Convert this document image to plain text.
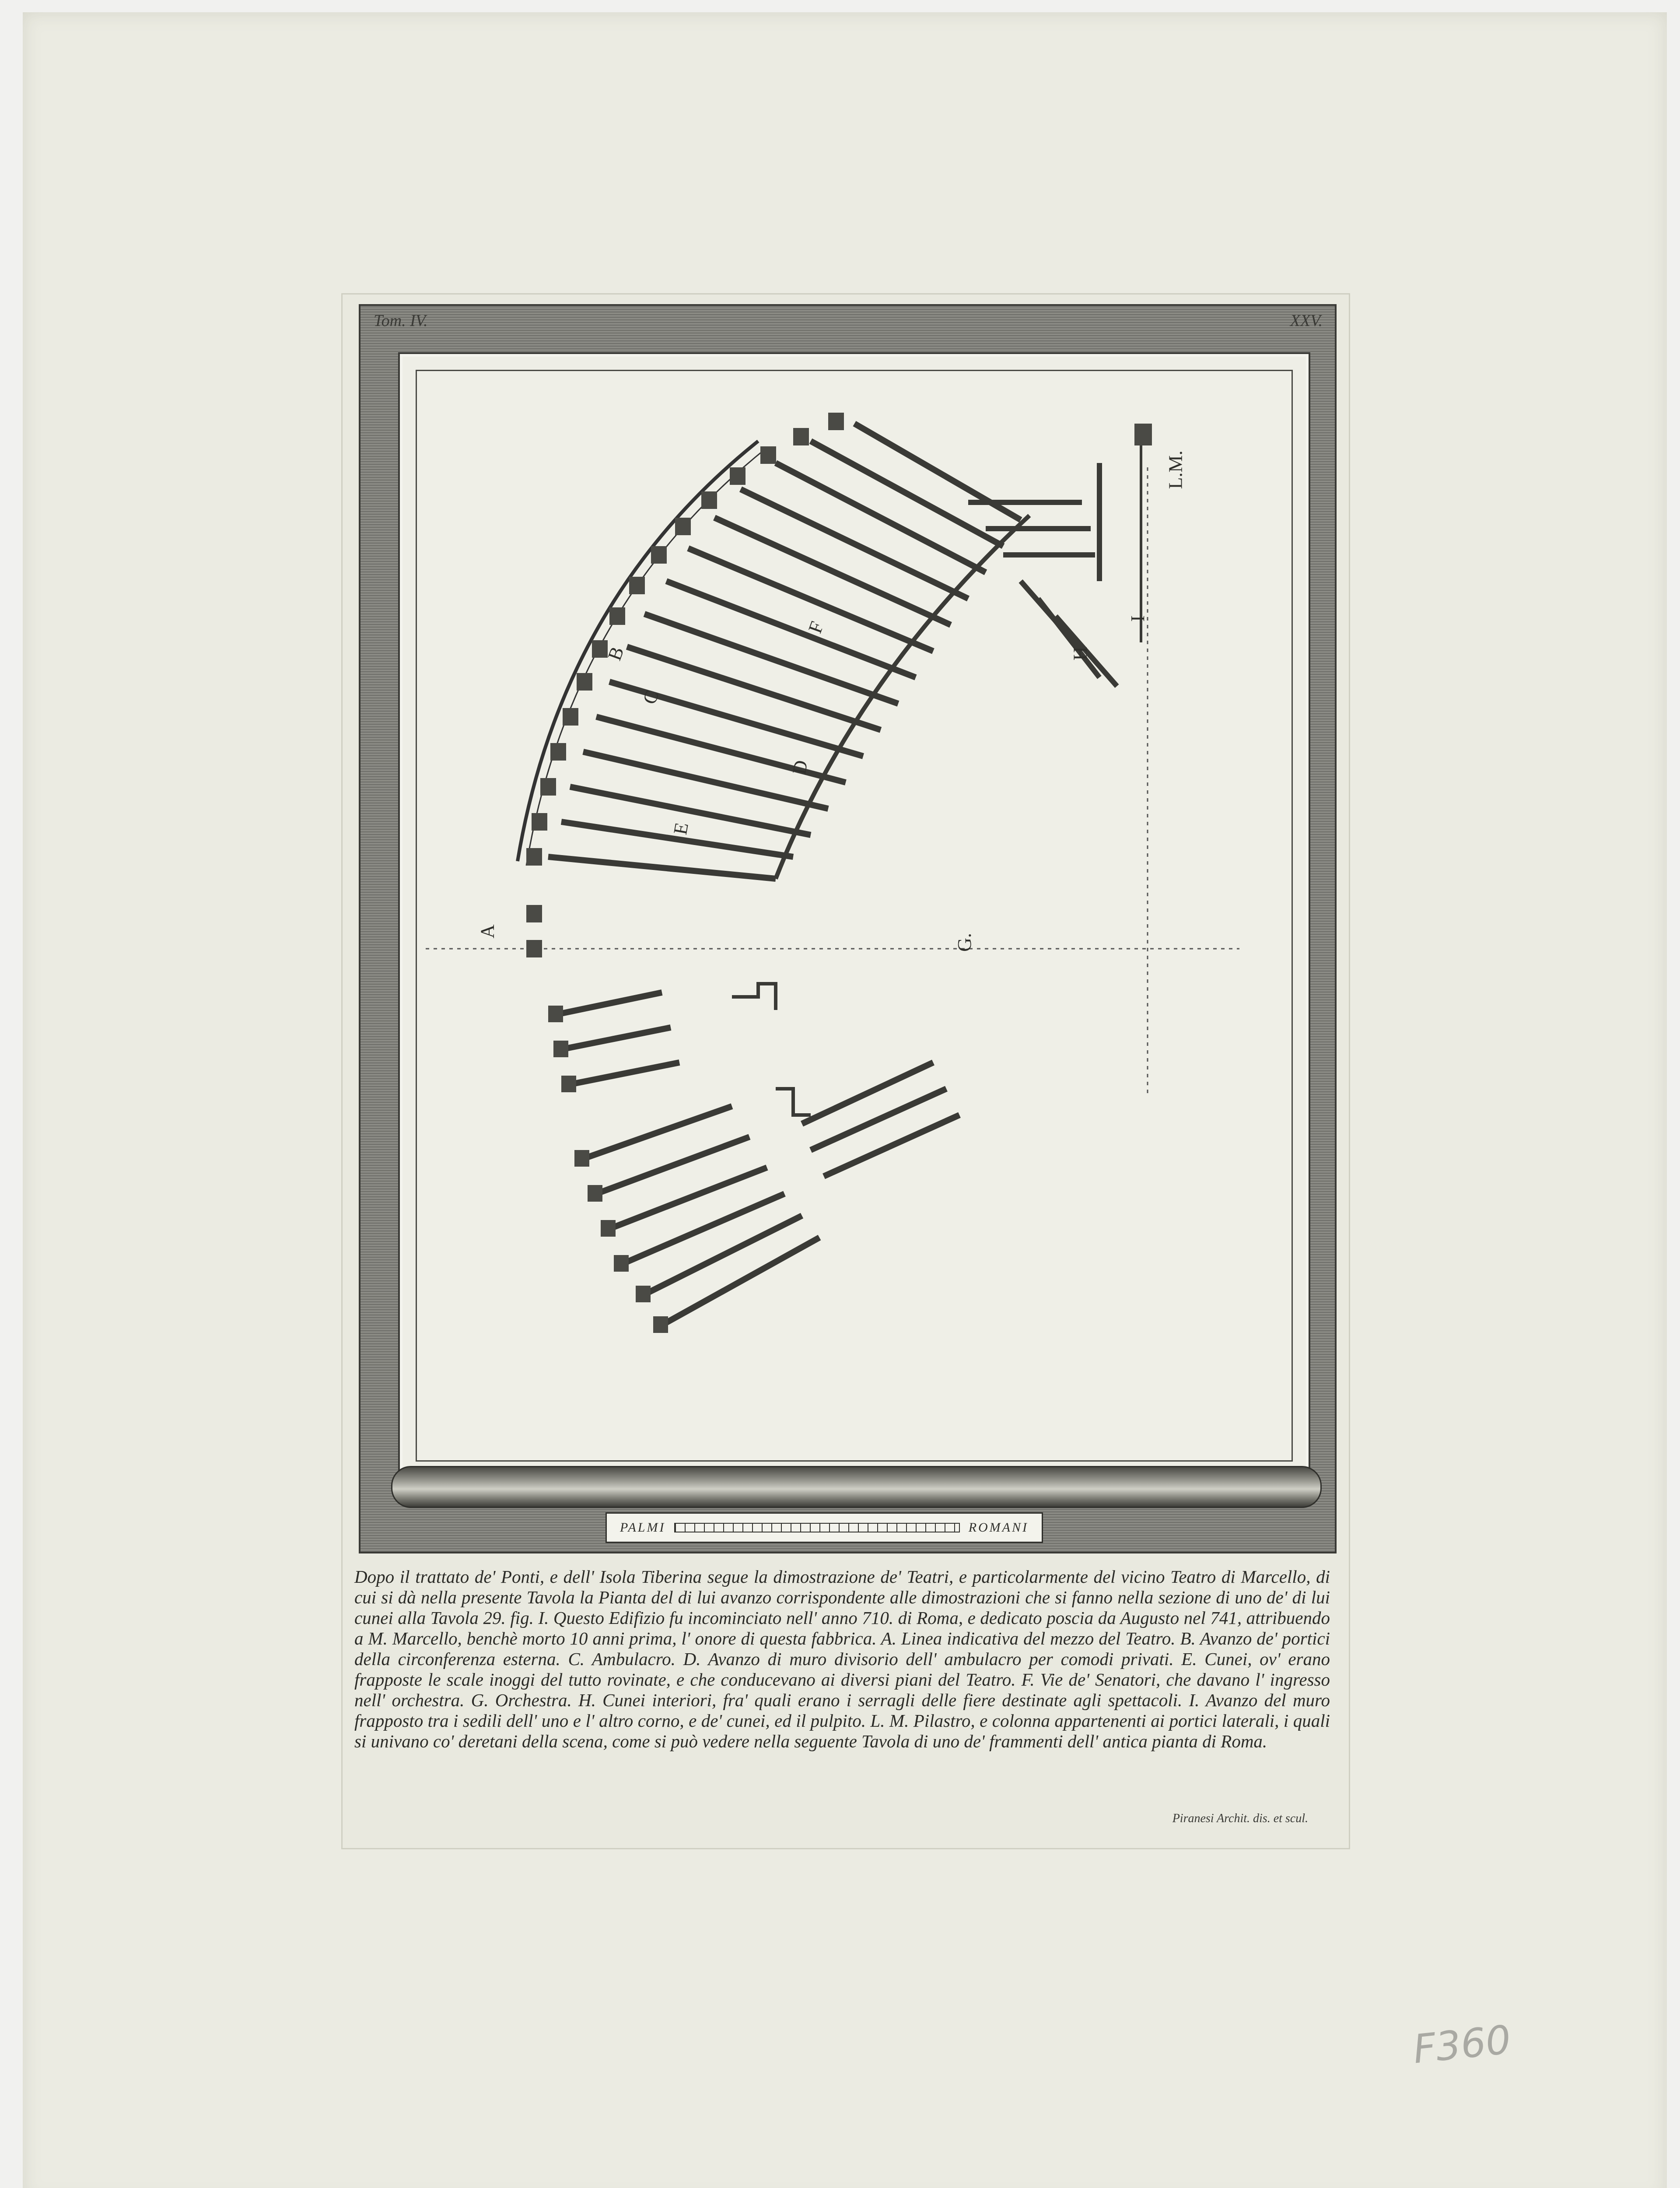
Tom. IV.	XXV.
A
B
C
D
E
F
G.
H
I
L.M.
PALMI	ROMANI
Dopo il trattato de' Ponti, e dell' Isola Tiberina segue la dimostrazione de' Teatri, e particolarmente del vicino Teatro di Marcello, di cui si dà nella presente Tavola la Pianta del di lui avanzo corrispondente alle dimostrazioni che si fanno nella sezione di uno de' di lui cunei alla Tavola 29. fig. I. Questo Edifizio fu incominciato nell' anno 710. di Roma, e dedicato poscia da Augusto nel 741, attribuendo a M. Marcello, benchè morto 10 anni prima, l' onore di questa fabbrica. A. Linea indicativa del mezzo del Teatro. B. Avanzo de' portici della circonferenza esterna. C. Ambulacro. D. Avanzo di muro divisorio dell' ambulacro per comodi privati. E. Cunei, ov' erano frapposte le scale inoggi del tutto rovinate, e che conducevano ai diversi piani del Teatro. F. Vie de' Senatori, che davano l' ingresso nell' orchestra. G. Orchestra. H. Cunei interiori, fra' quali erano i serragli delle fiere destinate agli spettacoli. I. Avanzo del muro frapposto tra i sedili dell' uno e l' altro corno, e de' cunei, ed il pulpito. L. M. Pilastro, e colonna appartenenti ai portici laterali, i quali si univano co' deretani della scena, come si può vedere nella seguente Tavola di uno de' frammenti dell' antica pianta di Roma.
Piranesi Archit. dis. et scul.
F360
